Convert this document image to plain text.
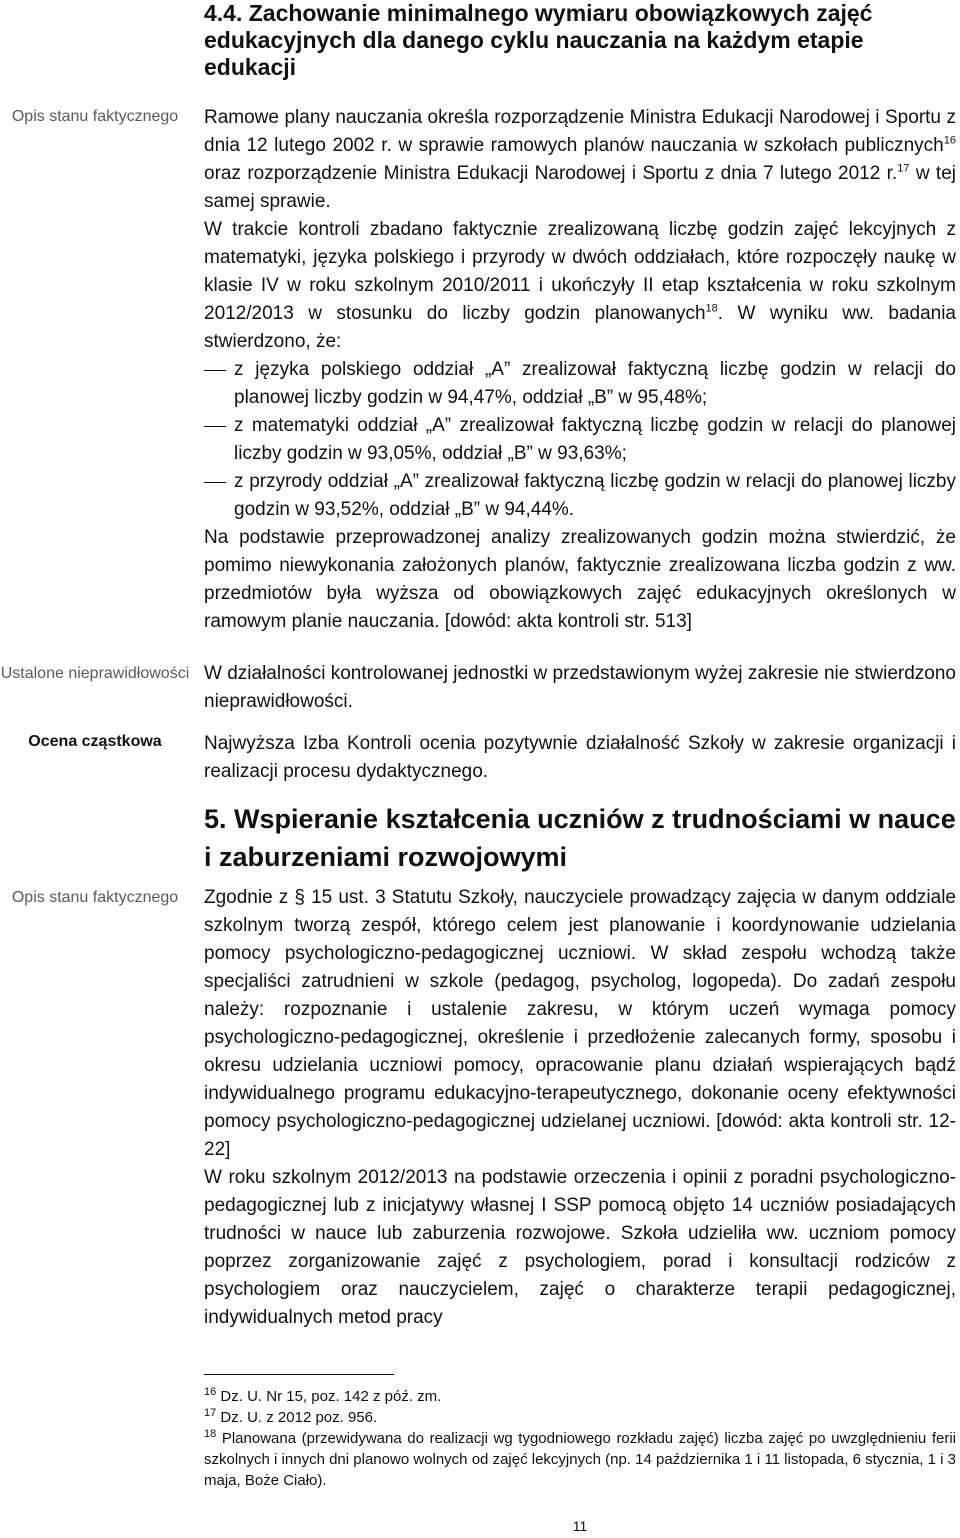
Opis stanu faktycznego
Ustalone nieprawidłowości
Ocena cząstkowa
Opis stanu faktycznego
4.4. Zachowanie minimalnego wymiaru obowiązkowych zajęć edukacyjnych dla danego cyklu nauczania na każdym etapie edukacji

Ramowe plany nauczania określa rozporządzenie Ministra Edukacji Narodowej i Sportu z dnia 12 lutego 2002 r. w sprawie ramowych planów nauczania w szkołach publicznych$^{16}$ oraz rozporządzenie Ministra Edukacji Narodowej i Sportu z dnia 7 lutego 2012 r.$^{17}$ w tej samej sprawie.

W trakcie kontroli zbadano faktycznie zrealizowaną liczbę godzin zajęć lekcyjnych z matematyki, języka polskiego i przyrody w dwóch oddziałach, które rozpoczęły naukę w klasie IV w roku szkolnym 2010/2011 i ukończyły II etap kształcenia w roku szkolnym 2012/2013 w stosunku do liczby godzin planowanych$^{18}$. W wyniku ww. badania stwierdzono, że:

z języka polskiego oddział „A” zrealizował faktyczną liczbę godzin w relacji do planowej liczby godzin w 94,47%, oddział „B” w 95,48%;
z matematyki oddział „A” zrealizował faktyczną liczbę godzin w relacji do planowej liczby godzin w 93,05%, oddział „B” w 93,63%;
z przyrody oddział „A” zrealizował faktyczną liczbę godzin w relacji do planowej liczby godzin w 93,52%, oddział „B” w 94,44%.

Na podstawie przeprowadzonej analizy zrealizowanych godzin można stwierdzić, że pomimo niewykonania założonych planów, faktycznie zrealizowana liczba godzin z ww. przedmiotów była wyższa od obowiązkowych zajęć edukacyjnych określonych w ramowym planie nauczania. [dowód: akta kontroli str. 513]

W działalności kontrolowanej jednostki w przedstawionym wyżej zakresie nie stwierdzono nieprawidłowości.
Najwyższa Izba Kontroli ocenia pozytywnie działalność Szkoły w zakresie organizacji i realizacji procesu dydaktycznego.
5. Wspieranie kształcenia uczniów z trudnościami w nauce i zaburzeniami rozwojowymi

Zgodnie z § 15 ust. 3 Statutu Szkoły, nauczyciele prowadzący zajęcia w danym oddziale szkolnym tworzą zespół, którego celem jest planowanie i koordynowanie udzielania pomocy psychologiczno-pedagogicznej uczniowi. W skład zespołu wchodzą także specjaliści zatrudnieni w szkole (pedagog, psycholog, logopeda). Do zadań zespołu należy: rozpoznanie i ustalenie zakresu, w którym uczeń wymaga pomocy psychologiczno-pedagogicznej, określenie i przedłożenie zalecanych formy, sposobu i okresu udzielania uczniowi pomocy, opracowanie planu działań wspierających bądź indywidualnego programu edukacyjno-terapeutycznego, dokonanie oceny efektywności pomocy psychologiczno-pedagogicznej udzielanej uczniowi. [dowód: akta kontroli str. 12-22]

W roku szkolnym 2012/2013 na podstawie orzeczenia i opinii z poradni psychologiczno-pedagogicznej lub z inicjatywy własnej I SSP pomocą objęto 14 uczniów posiadających trudności w nauce lub zaburzenia rozwojowe. Szkoła udzieliła ww. uczniom pomocy poprzez zorganizowanie zajęć z psychologiem, porad i konsultacji rodziców z psychologiem oraz nauczycielem, zajęć o charakterze terapii pedagogicznej, indywidualnych metod pracy

$^{16}$ Dz. U. Nr 15, poz. 142 z póź. zm.

$^{17}$ Dz. U. z 2012 poz. 956.

$^{18}$ Planowana (przewidywana do realizacji wg tygodniowego rozkładu zajęć) liczba zajęć po uwzględnieniu ferii szkolnych i innych dni planowo wolnych od zajęć lekcyjnych (np. 14 października 1 i 11 listopada, 6 stycznia, 1 i 3 maja, Boże Ciało).

11
